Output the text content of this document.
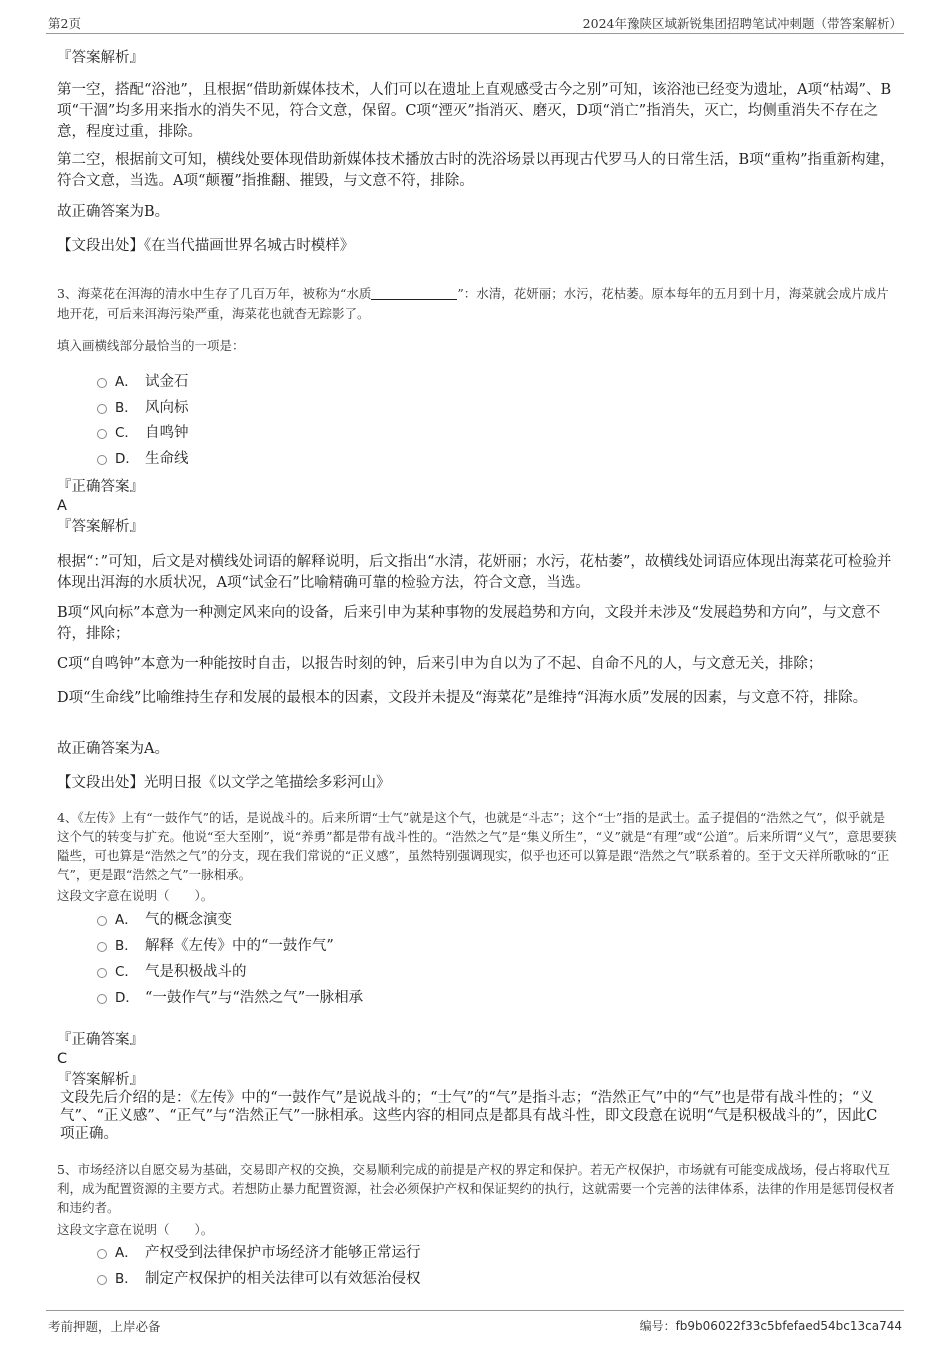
第2页	2024年豫陕区域新锐集团招聘笔试冲刺题（带答案解析）
『答案解析』
第一空，搭配“浴池”，且根据“借助新媒体技术，人们可以在遗址上直观感受古今之别”可知，该浴池已经变为遗址，A项“枯竭”、B项“干涸”均多用来指水的消失不见，符合文意，保留。C项“湮灭”指消灭、磨灭，D项“消亡”指消失，灭亡，均侧重消失不存在之意，程度过重，排除。
第二空，根据前文可知，横线处要体现借助新媒体技术播放古时的洗浴场景以再现古代罗马人的日常生活，B项“重构”指重新构建，符合文意，当选。A项“颠覆”指推翻、摧毁，与文意不符，排除。
故正确答案为B。
【文段出处】《在当代描画世界名城古时模样》
3、海菜花在洱海的清水中生存了几百万年，被称为“水质	”：水清，花妍丽；水污，花枯萎。原本每年的五月到十月，海菜就会成片成片地开花，可后来洱海污染严重，海菜花也就杳无踪影了。
填入画横线部分最恰当的一项是：
A． 试金石
B． 风向标
C． 自鸣钟
D． 生命线
『正确答案』
A
『答案解析』
根据“：”可知，后文是对横线处词语的解释说明，后文指出“水清，花妍丽；水污，花枯萎”，故横线处词语应体现出海菜花可检验并体现出洱海的水质状况，A项“试金石”比喻精确可靠的检验方法，符合文意，当选。
B项“风向标”本意为一种测定风来向的设备，后来引申为某种事物的发展趋势和方向，文段并未涉及“发展趋势和方向”，与文意不符，排除；
C项“自鸣钟”本意为一种能按时自击，以报告时刻的钟，后来引申为自以为了不起、自命不凡的人，与文意无关，排除；
D项“生命线”比喻维持生存和发展的最根本的因素，文段并未提及“海菜花”是维持“洱海水质”发展的因素，与文意不符，排除。
故正确答案为A。
【文段出处】光明日报《以文学之笔描绘多彩河山》
4、《左传》上有“一鼓作气”的话，是说战斗的。后来所谓“士气”就是这个气，也就是“斗志”；这个“士”指的是武士。孟子提倡的“浩然之气”，似乎就是这个气的转变与扩充。他说“至大至刚”，说“养勇”都是带有战斗性的。“浩然之气”是“集义所生”，“义”就是“有理”或“公道”。后来所谓“义气”，意思要狭隘些，可也算是“浩然之气”的分支，现在我们常说的“正义感”，虽然特别强调现实，似乎也还可以算是跟“浩然之气”联系着的。至于文天祥所歌咏的“正气”，更是跟“浩然之气”一脉相承。
这段文字意在说明（　　）。
A． 气的概念演变
B． 解释《左传》中的“一鼓作气”
C． 气是积极战斗的
D． “一鼓作气”与“浩然之气”一脉相承
『正确答案』
C
『答案解析』
文段先后介绍的是：《左传》中的“一鼓作气”是说战斗的；“士气”的“气”是指斗志；“浩然正气”中的“气”也是带有战斗性的；“义气”、“正义感”、“正气”与“浩然正气”一脉相承。这些内容的相同点是都具有战斗性，即文段意在说明“气是积极战斗的”，因此C项正确。
5、市场经济以自愿交易为基础，交易即产权的交换，交易顺利完成的前提是产权的界定和保护。若无产权保护，市场就有可能变成战场，侵占将取代互利，成为配置资源的主要方式。若想防止暴力配置资源，社会必须保护产权和保证契约的执行，这就需要一个完善的法律体系，法律的作用是惩罚侵权者和违约者。
这段文字意在说明（　　）。
A． 产权受到法律保护市场经济才能够正常运行
B． 制定产权保护的相关法律可以有效惩治侵权
考前押题，上岸必备	编号：fb9b06022f33c5bfefaed54bc13ca744
